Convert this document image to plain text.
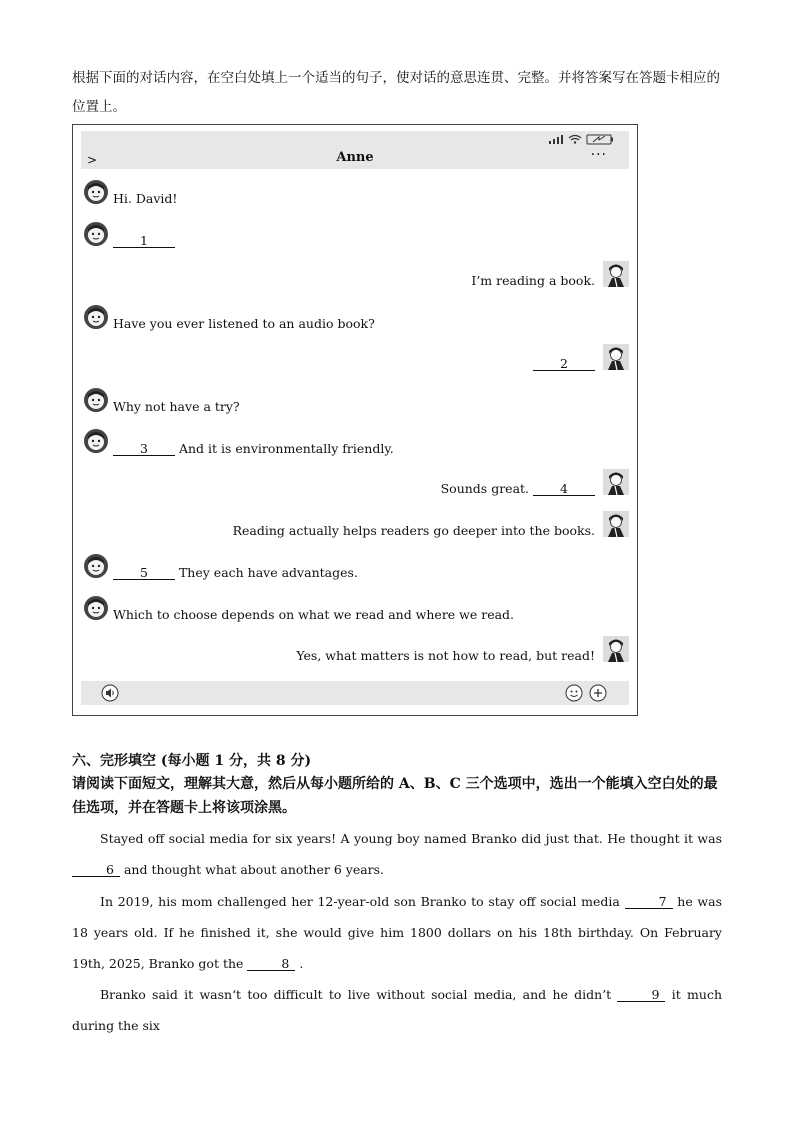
根据下面的对话内容，在空白处填上一个适当的句子，使对话的意思连贯、完整。并将答案写在答题卡相应的位置上。
>	Anne	···
Hi. David!
1
I’m reading a book.
Have you ever listened to an audio book?
2
Why not have a try?
3 And it is environmentally friendly.
Sounds great. 4
Reading actually helps readers go deeper into the books.
5 They each have advantages.
Which to choose depends on what we read and where we read.
Yes, what matters is not how to read, but read!
六、完形填空 (每小题 1 分，共 8 分)
请阅读下面短文，理解其大意，然后从每小题所给的 A、B、C 三个选项中，选出一个能填入空白处的最佳选项，并在答题卡上将该项涂黑。
Stayed off social media for six years! A young boy named Branko did just that. He thought it was 6 and thought what about another 6 years.
In 2019, his mom challenged her 12-year-old son Branko to stay off social media	7 he was 18 years old. If he finished it, she would give him 1800 dollars on his 18th birthday. On February 19th, 2025, Branko got the	8 .
Branko said it wasn‘t too difficult to live without social media, and he didn’t	9 it much during the six
